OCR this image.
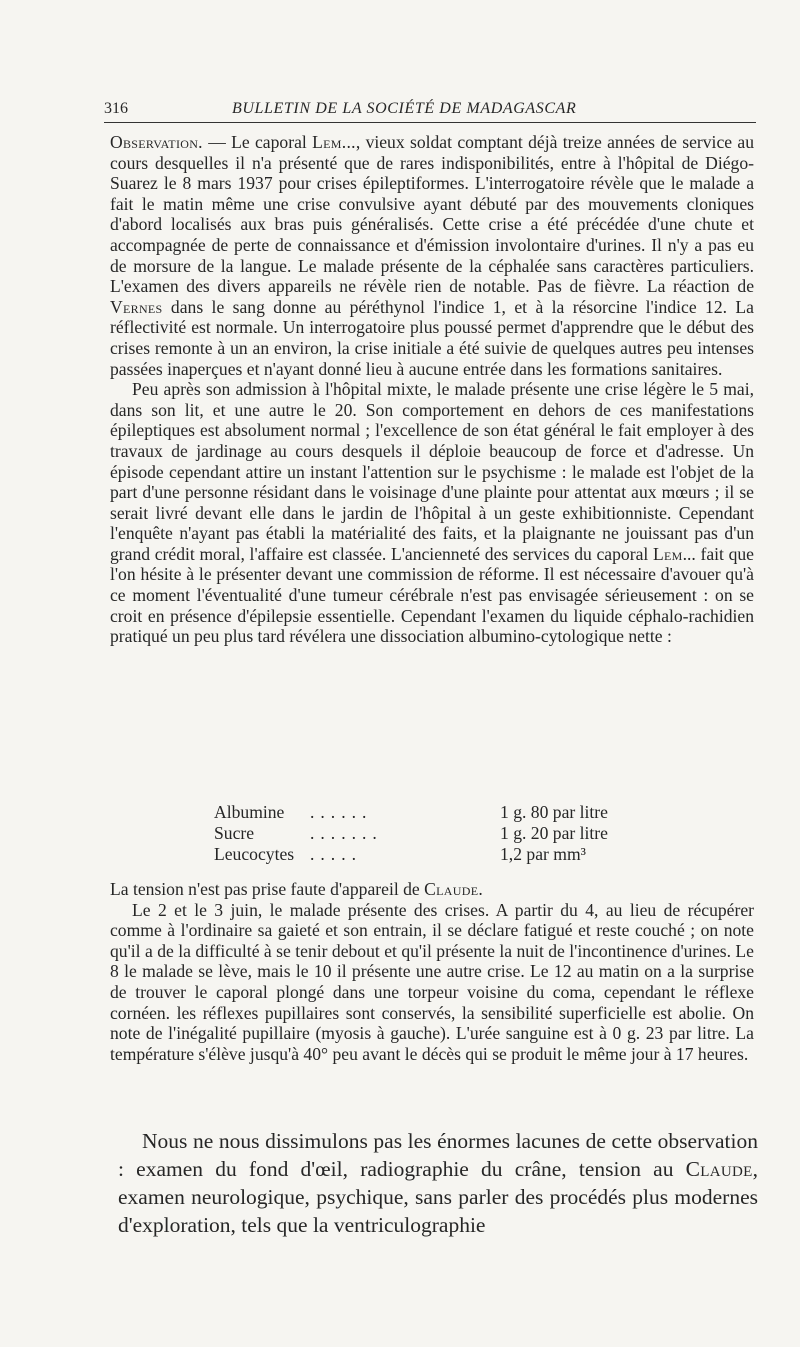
316	BULLETIN DE LA SOCIÉTÉ DE MADAGASCAR

Observation. — Le caporal Lem..., vieux soldat comptant déjà treize années de service au cours desquelles il n'a présenté que de rares indisponibilités, entre à l'hôpital de Diégo-Suarez le 8 mars 1937 pour crises épileptiformes. L'interrogatoire révèle que le malade a fait le matin même une crise convulsive ayant débuté par des mouvements cloniques d'abord localisés aux bras puis généralisés. Cette crise a été précédée d'une chute et accompagnée de perte de connaissance et d'émission involontaire d'urines. Il n'y a pas eu de morsure de la langue. Le malade présente de la céphalée sans caractères particuliers. L'examen des divers appareils ne révèle rien de notable. Pas de fièvre. La réaction de Vernes dans le sang donne au péréthynol l'indice 1, et à la résorcine l'indice 12. La réflectivité est normale. Un interrogatoire plus poussé permet d'apprendre que le début des crises remonte à un an environ, la crise initiale a été suivie de quelques autres peu intenses passées inaperçues et n'ayant donné lieu à aucune entrée dans les formations sanitaires.

Peu après son admission à l'hôpital mixte, le malade présente une crise légère le 5 mai, dans son lit, et une autre le 20. Son comportement en dehors de ces manifestations épileptiques est absolument normal ; l'excellence de son état général le fait employer à des travaux de jardinage au cours desquels il déploie beaucoup de force et d'adresse. Un épisode cependant attire un instant l'attention sur le psychisme : le malade est l'objet de la part d'une personne résidant dans le voisinage d'une plainte pour attentat aux mœurs ; il se serait livré devant elle dans le jardin de l'hôpital à un geste exhibitionniste. Cependant l'enquête n'ayant pas établi la matérialité des faits, et la plaignante ne jouissant pas d'un grand crédit moral, l'affaire est classée. L'ancienneté des services du caporal Lem... fait que l'on hésite à le présenter devant une commission de réforme. Il est nécessaire d'avouer qu'à ce moment l'éventualité d'une tumeur cérébrale n'est pas envisagée sérieusement : on se croit en présence d'épilepsie essentielle. Cependant l'examen du liquide céphalo-rachidien pratiqué un peu plus tard révélera une dissociation albumino-cytologique nette :

Albumine ......	1 g. 80 par litre
Sucre	.......	1 g. 20 par litre
Leucocytes .....	1,2 par mm³

La tension n'est pas prise faute d'appareil de Claude.

Le 2 et le 3 juin, le malade présente des crises. A partir du 4, au lieu de récupérer comme à l'ordinaire sa gaieté et son entrain, il se déclare fatigué et reste couché ; on note qu'il a de la difficulté à se tenir debout et qu'il présente la nuit de l'incontinence d'urines. Le 8 le malade se lève, mais le 10 il présente une autre crise. Le 12 au matin on a la surprise de trouver le caporal plongé dans une torpeur voisine du coma, cependant le réflexe cornéen. les réflexes pupillaires sont conservés, la sensibilité superficielle est abolie. On note de l'inégalité pupillaire (myosis à gauche). L'urée sanguine est à 0 g. 23 par litre. La température s'élève jusqu'à 40° peu avant le décès qui se produit le même jour à 17 heures.

Nous ne nous dissimulons pas les énormes lacunes de cette observation : examen du fond d'œil, radiographie du crâne, tension au Claude, examen neurologique, psychique, sans parler des procédés plus modernes d'exploration, tels que la ventriculographie
